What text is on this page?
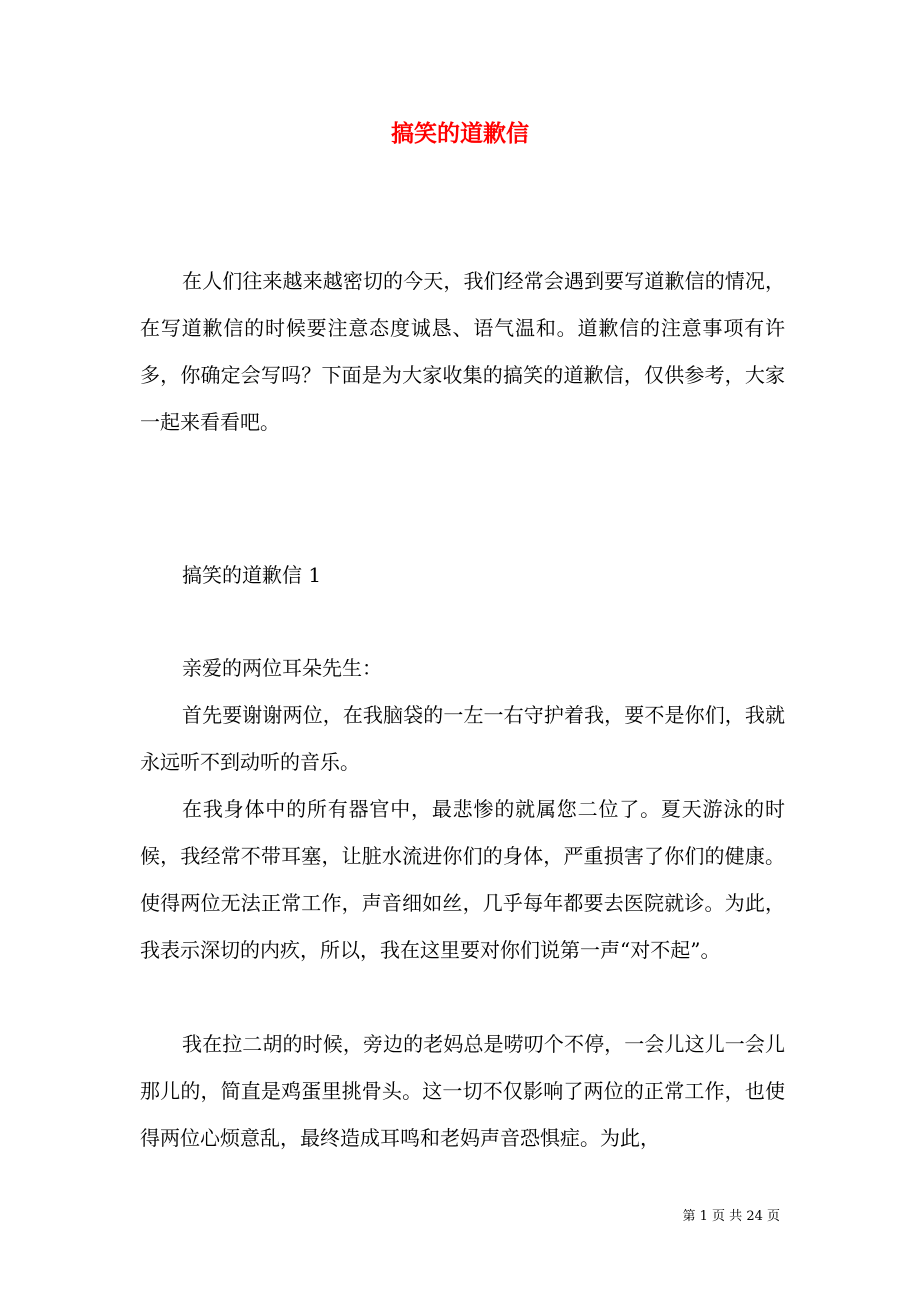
搞笑的道歉信

在人们往来越来越密切的今天，我们经常会遇到要写道歉信的情况，在写道歉信的时候要注意态度诚恳、语气温和。道歉信的注意事项有许多，你确定会写吗？下面是为大家收集的搞笑的道歉信，仅供参考，大家一起来看看吧。

搞笑的道歉信 1

亲爱的两位耳朵先生：

首先要谢谢两位，在我脑袋的一左一右守护着我，要不是你们，我就永远听不到动听的音乐。

在我身体中的所有器官中，最悲惨的就属您二位了。夏天游泳的时候，我经常不带耳塞，让脏水流进你们的身体，严重损害了你们的健康。使得两位无法正常工作，声音细如丝，几乎每年都要去医院就诊。为此，我表示深切的内疚，所以，我在这里要对你们说第一声“对不起”。

我在拉二胡的时候，旁边的老妈总是唠叨个不停，一会儿这儿一会儿那儿的，简直是鸡蛋里挑骨头。这一切不仅影响了两位的正常工作，也使得两位心烦意乱，最终造成耳鸣和老妈声音恐惧症。为此，

第 1 页 共 24 页
